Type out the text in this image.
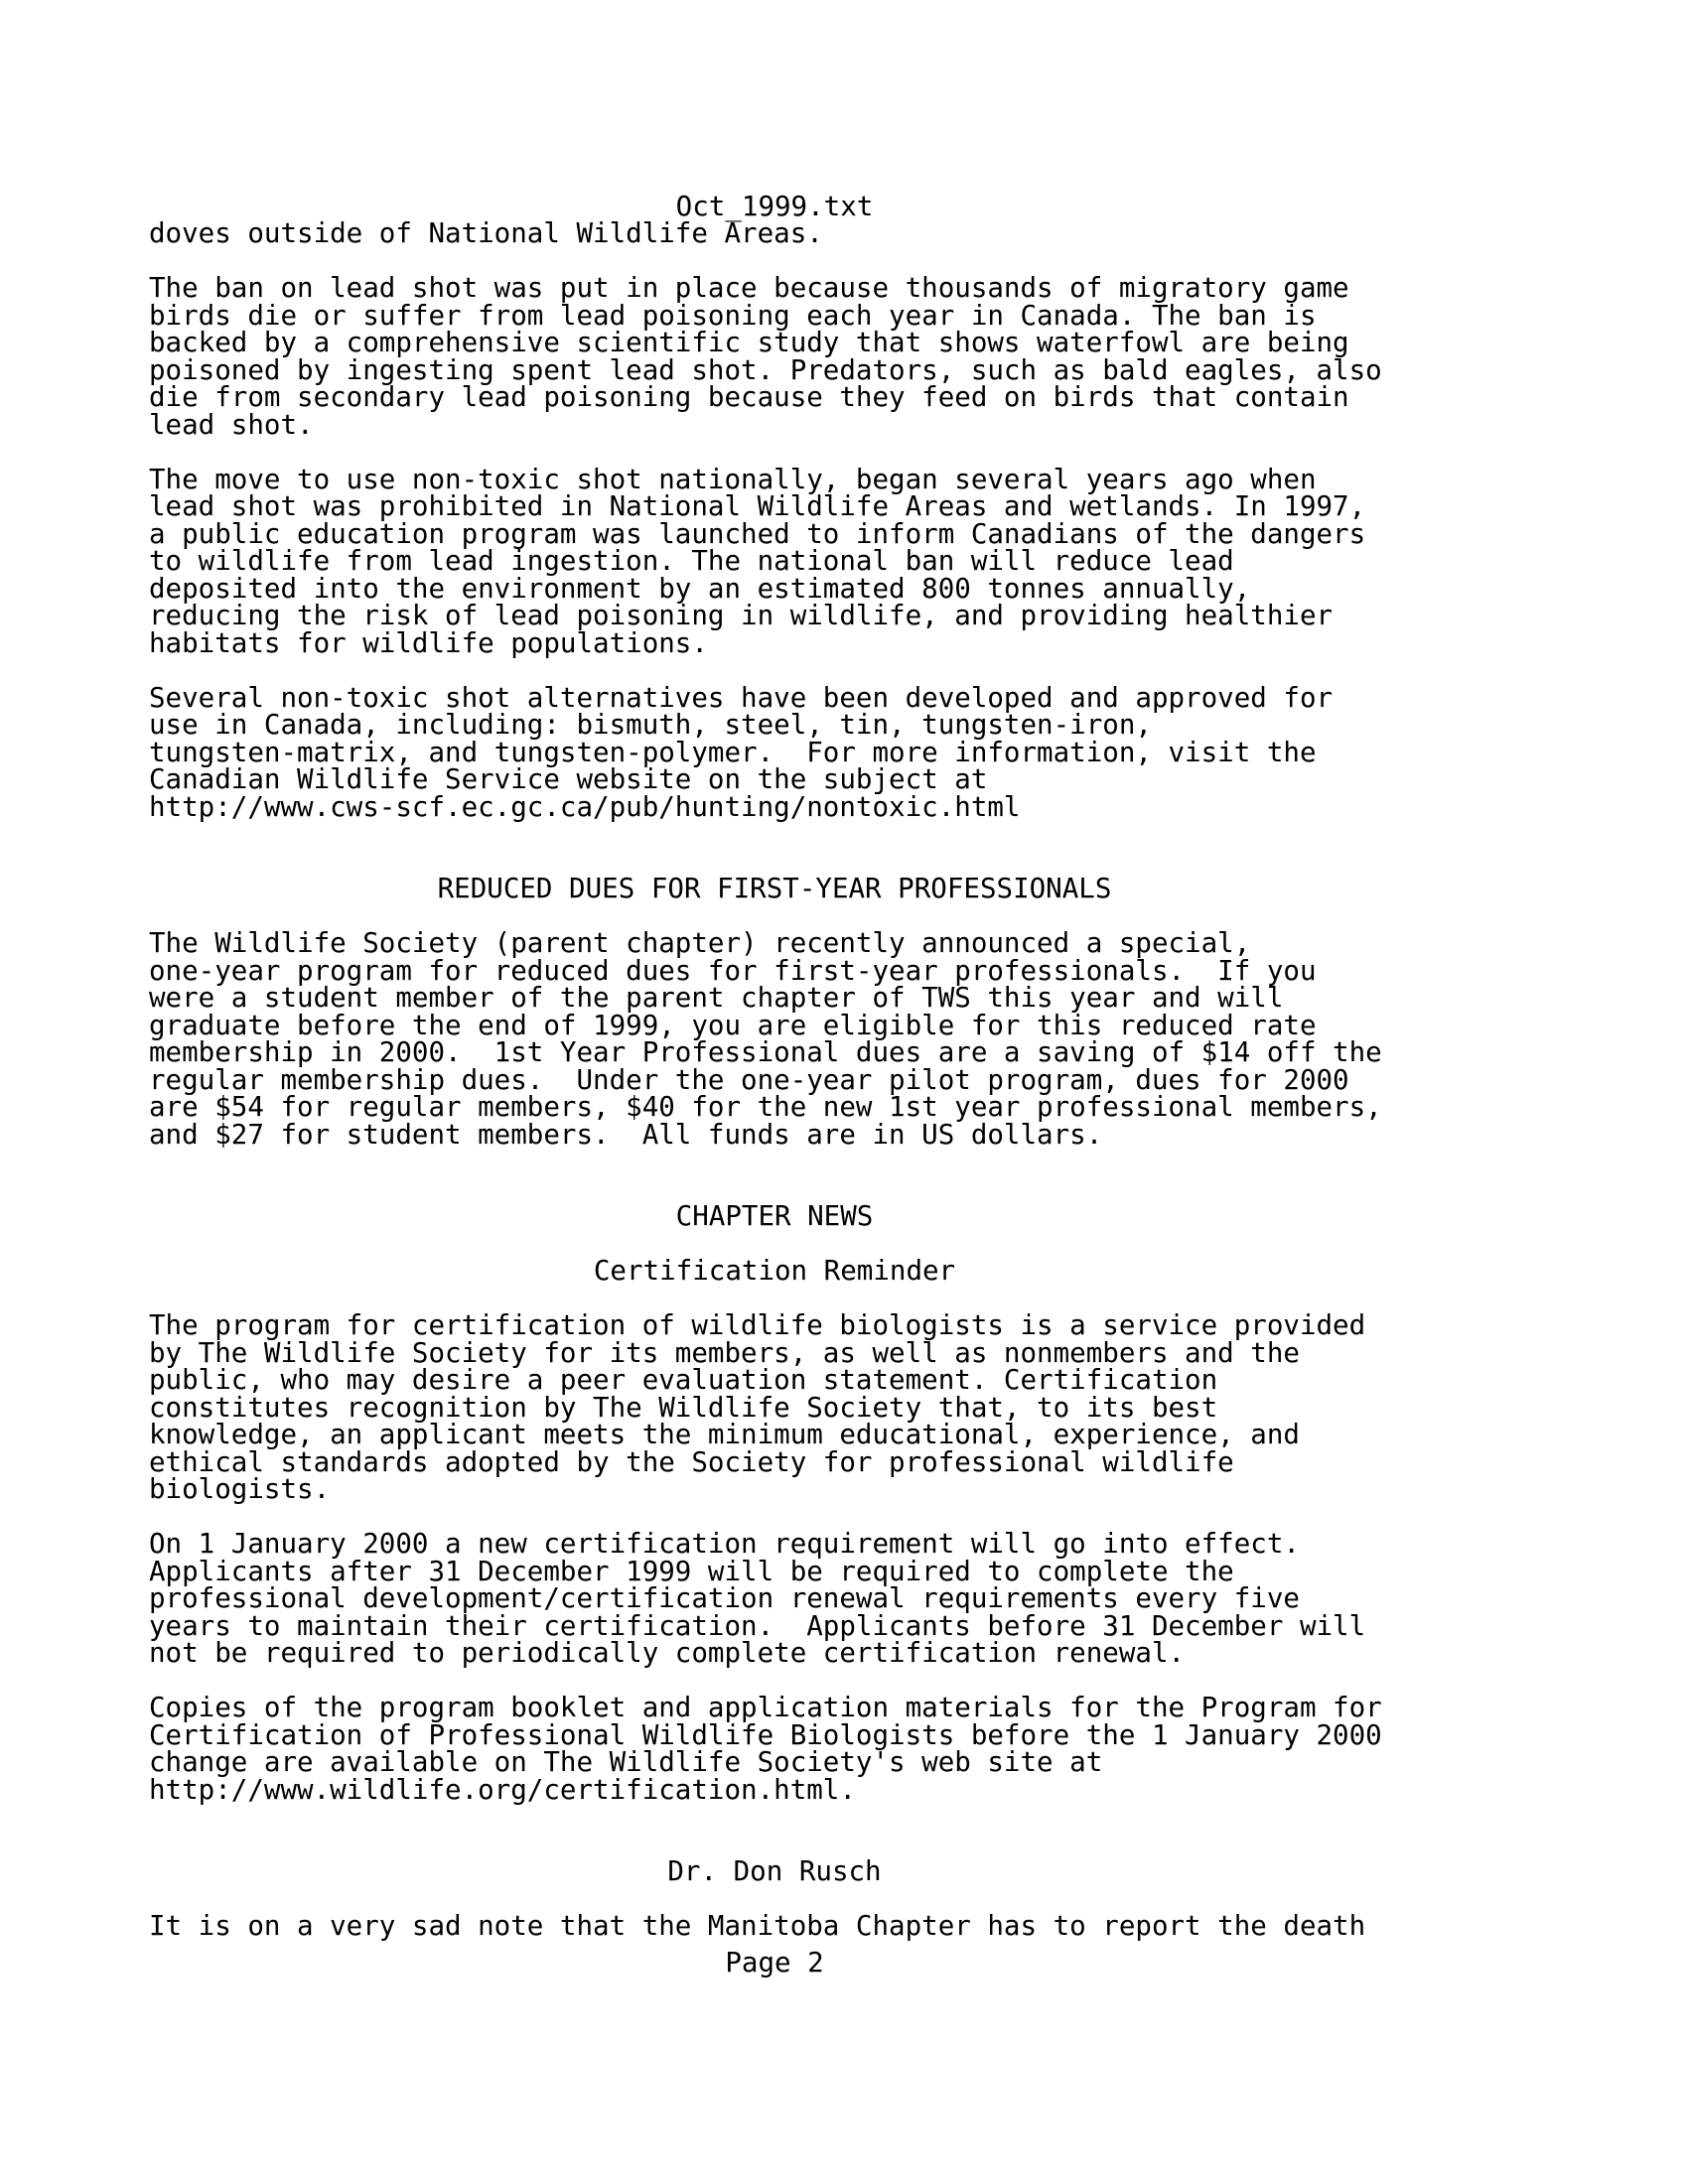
Oct_1999.txt
doves outside of National Wildlife Areas.
The ban on lead shot was put in place because thousands of migratory game
birds die or suffer from lead poisoning each year in Canada. The ban is
backed by a comprehensive scientific study that shows waterfowl are being
poisoned by ingesting spent lead shot. Predators, such as bald eagles, also
die from secondary lead poisoning because they feed on birds that contain
lead shot.
The move to use non-toxic shot nationally, began several years ago when
lead shot was prohibited in National Wildlife Areas and wetlands. In 1997,
a public education program was launched to inform Canadians of the dangers
to wildlife from lead ingestion. The national ban will reduce lead
deposited into the environment by an estimated 800 tonnes annually,
reducing the risk of lead poisoning in wildlife, and providing healthier
habitats for wildlife populations.
Several non-toxic shot alternatives have been developed and approved for
use in Canada, including: bismuth, steel, tin, tungsten-iron,
tungsten-matrix, and tungsten-polymer.  For more information, visit the
Canadian Wildlife Service website on the subject at
http://www.cws-scf.ec.gc.ca/pub/hunting/nontoxic.html
REDUCED DUES FOR FIRST-YEAR PROFESSIONALS
The Wildlife Society (parent chapter) recently announced a special,
one-year program for reduced dues for first-year professionals.  If you
were a student member of the parent chapter of TWS this year and will
graduate before the end of 1999, you are eligible for this reduced rate
membership in 2000.  1st Year Professional dues are a saving of $14 off the
regular membership dues.  Under the one-year pilot program, dues for 2000
are $54 for regular members, $40 for the new 1st year professional members,
and $27 for student members.  All funds are in US dollars.
CHAPTER NEWS
Certification Reminder
The program for certification of wildlife biologists is a service provided
by The Wildlife Society for its members, as well as nonmembers and the
public, who may desire a peer evaluation statement. Certification
constitutes recognition by The Wildlife Society that, to its best
knowledge, an applicant meets the minimum educational, experience, and
ethical standards adopted by the Society for professional wildlife
biologists.
On 1 January 2000 a new certification requirement will go into effect.
Applicants after 31 December 1999 will be required to complete the
professional development/certification renewal requirements every five
years to maintain their certification.  Applicants before 31 December will
not be required to periodically complete certification renewal.
Copies of the program booklet and application materials for the Program for
Certification of Professional Wildlife Biologists before the 1 January 2000
change are available on The Wildlife Society's web site at
http://www.wildlife.org/certification.html.
Dr. Don Rusch
It is on a very sad note that the Manitoba Chapter has to report the death
Page 2
